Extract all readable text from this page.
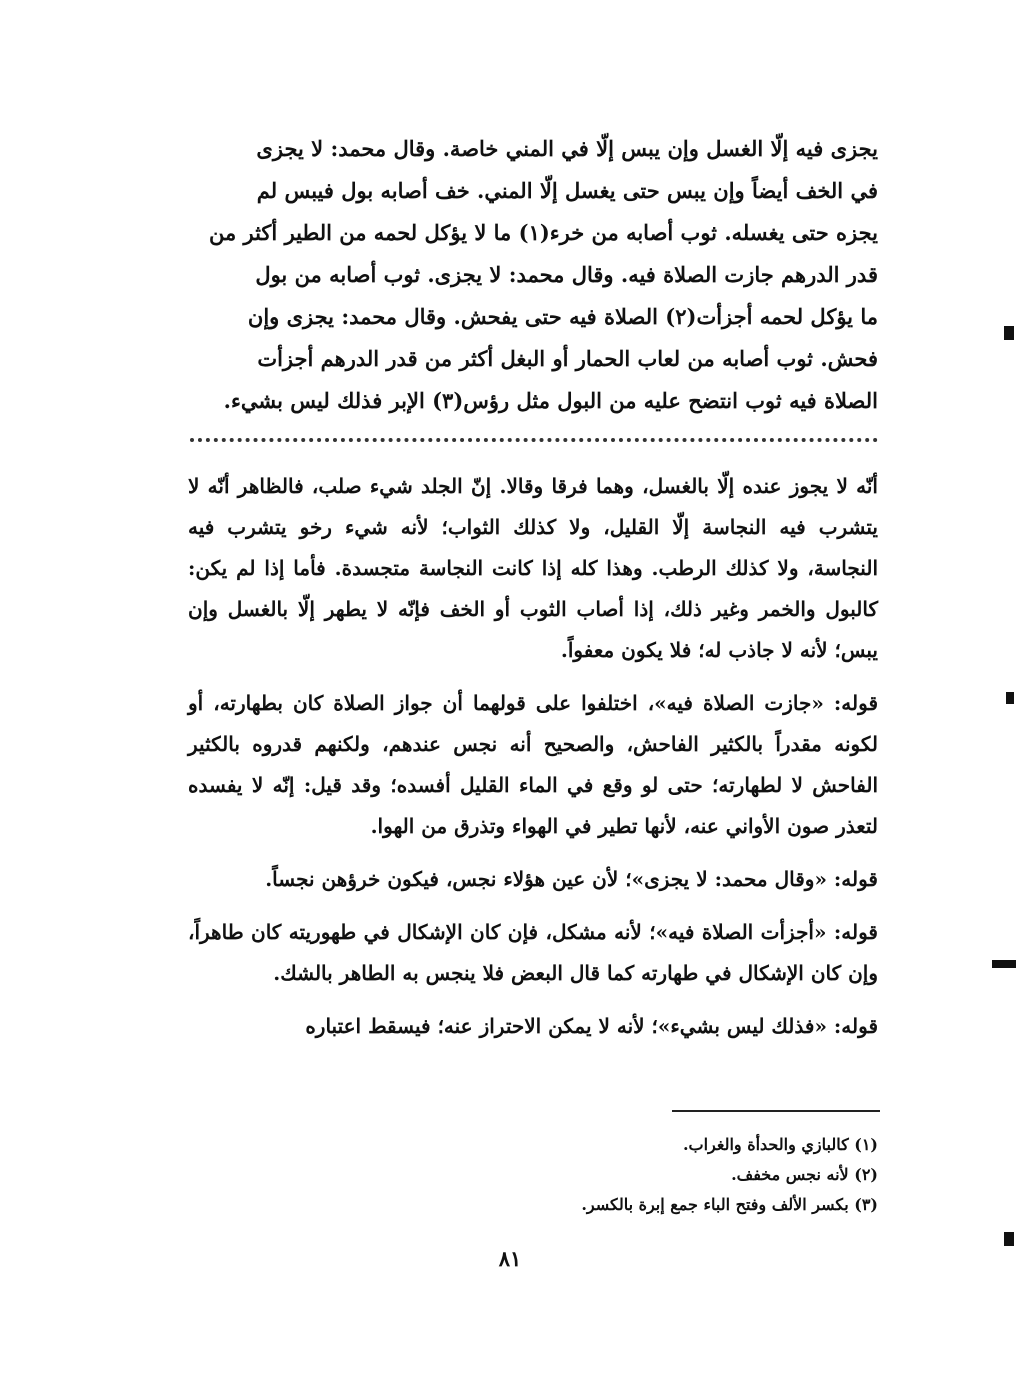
يجزى فيه إلّا الغسل وإن يبس إلّا في المني خاصة. وقال محمد: لا يجزى

في الخف أيضاً وإن يبس حتى يغسل إلّا المني. خف أصابه بول فيبس لم

يجزه حتى يغسله. ثوب أصابه من خرء(١) ما لا يؤكل لحمه من الطير أكثر من

قدر الدرهم جازت الصلاة فيه. وقال محمد: لا يجزى. ثوب أصابه من بول

ما يؤكل لحمه أجزأت(٢) الصلاة فيه حتى يفحش. وقال محمد: يجزى وإن

فحش. ثوب أصابه من لعاب الحمار أو البغل أكثر من قدر الدرهم أجزأت

الصلاة فيه ثوب انتضح عليه من البول مثل رؤس(٣) الإبر فذلك ليس بشيء.

أنّه لا يجوز عنده إلّا بالغسل، وهما فرقا وقالا. إنّ الجلد شيء صلب، فالظاهر أنّه لا يتشرب فيه النجاسة إلّا القليل، ولا كذلك الثواب؛ لأنه شيء رخو يتشرب فيه النجاسة، ولا كذلك الرطب. وهذا كله إذا كانت النجاسة متجسدة. فأما إذا لم يكن: كالبول والخمر وغير ذلك، إذا أصاب الثوب أو الخف فإنّه لا يطهر إلّا بالغسل وإن يبس؛ لأنه لا جاذب له؛ فلا يكون معفواً.

قوله: «جازت الصلاة فيه»، اختلفوا على قولهما أن جواز الصلاة كان بطهارته، أو لكونه مقدراً بالكثير الفاحش، والصحيح أنه نجس عندهم، ولكنهم قدروه بالكثير الفاحش لا لطهارته؛ حتى لو وقع في الماء القليل أفسده؛ وقد قيل: إنّه لا يفسده لتعذر صون الأواني عنه، لأنها تطير في الهواء وتذرق من الهوا.

قوله: «وقال محمد: لا يجزى»؛ لأن عين هؤلاء نجس، فيكون خرؤهن نجساً.

قوله: «أجزأت الصلاة فيه»؛ لأنه مشكل، فإن كان الإشكال في طهوريته كان طاهراً، وإن كان الإشكال في طهارته كما قال البعض فلا ينجس به الطاهر بالشك.

قوله: «فذلك ليس بشيء»؛ لأنه لا يمكن الاحتراز عنه؛ فيسقط اعتباره

(١) كالبازي والحدأة والغراب.
(٢) لأنه نجس مخفف.
(٣) بكسر الألف وفتح الباء جمع إبرة بالكسر.
٨١
